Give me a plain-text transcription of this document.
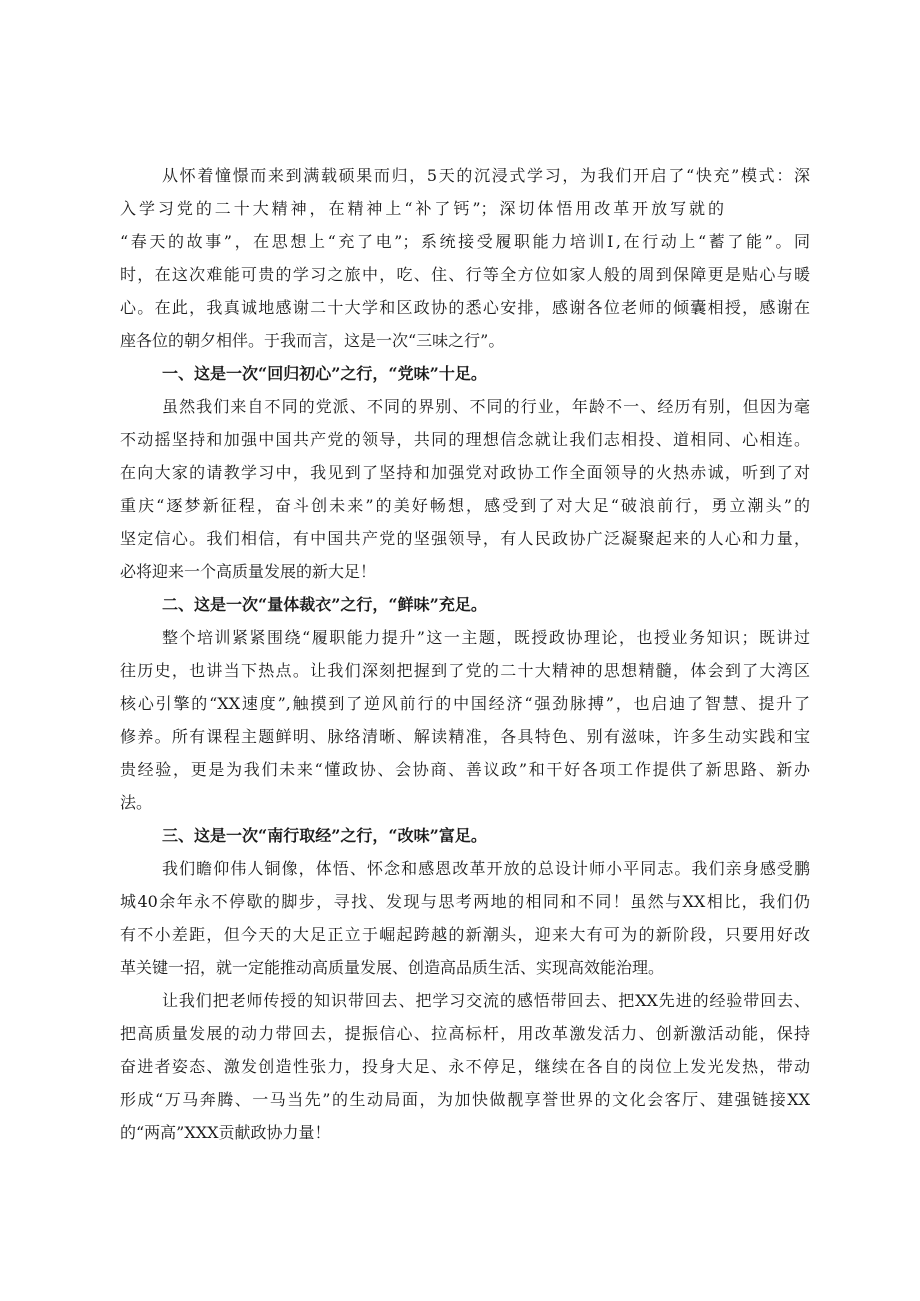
从怀着憧憬而来到满载硕果而归，5天的沉浸式学习，为我们开启了“快充”模式：深

入学习党的二十大精神，在精神上“补了钙”；深切体悟用改革开放写就的

“春天的故事”，在思想上“充了电”；系统接受履职能力培训Ⅰ,在行动上“蓄了能”。同

时，在这次难能可贵的学习之旅中，吃、住、行等全方位如家人般的周到保障更是贴心与暖

心。在此，我真诚地感谢二十大学和区政协的悉心安排，感谢各位老师的倾囊相授，感谢在

座各位的朝夕相伴。于我而言，这是一次“三味之行”。

一、这是一次“回归初心”之行，“党味”十足。

虽然我们来自不同的党派、不同的界别、不同的行业，年龄不一、经历有别，但因为毫

不动摇坚持和加强中国共产党的领导，共同的理想信念就让我们志相投、道相同、心相连。

在向大家的请教学习中，我见到了坚持和加强党对政协工作全面领导的火热赤诚，听到了对

重庆“逐梦新征程，奋斗创未来”的美好畅想，感受到了对大足“破浪前行，勇立潮头”的

坚定信心。我们相信，有中国共产党的坚强领导，有人民政协广泛凝聚起来的人心和力量，

必将迎来一个高质量发展的新大足！

二、这是一次“量体裁衣”之行，“鲜味”充足。

整个培训紧紧围绕“履职能力提升”这一主题，既授政协理论，也授业务知识；既讲过

往历史，也讲当下热点。让我们深刻把握到了党的二十大精神的思想精髓，体会到了大湾区

核心引擎的“XX速度”,触摸到了逆风前行的中国经济“强劲脉搏”，也启迪了智慧、提升了

修养。所有课程主题鲜明、脉络清晰、解读精准，各具特色、别有滋味，许多生动实践和宝

贵经验，更是为我们未来“懂政协、会协商、善议政”和干好各项工作提供了新思路、新办

法。

三、这是一次“南行取经”之行，“改味”富足。

我们瞻仰伟人铜像，体悟、怀念和感恩改革开放的总设计师小平同志。我们亲身感受鹏

城40余年永不停歇的脚步，寻找、发现与思考两地的相同和不同！虽然与XX相比，我们仍

有不小差距，但今天的大足正立于崛起跨越的新潮头，迎来大有可为的新阶段，只要用好改

革关键一招，就一定能推动高质量发展、创造高品质生活、实现高效能治理。

让我们把老师传授的知识带回去、把学习交流的感悟带回去、把XX先进的经验带回去、

把高质量发展的动力带回去，提振信心、拉高标杆，用改革激发活力、创新激活动能，保持

奋进者姿态、激发创造性张力，投身大足、永不停足，继续在各自的岗位上发光发热，带动

形成“万马奔腾、一马当先”的生动局面，为加快做靓享誉世界的文化会客厅、建强链接XX

的“两高”XXX贡献政协力量！
